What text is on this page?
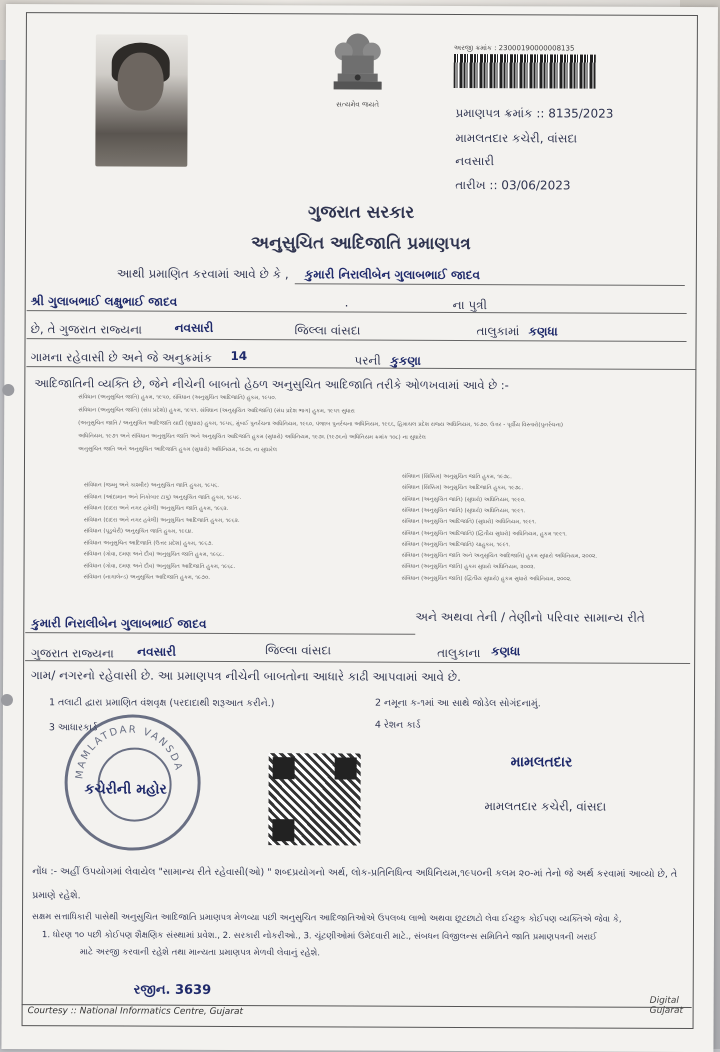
સત્યમેવ જયતે
અરજી ક્રમાંક : 23000190000008135
પ્રમાણપત્ર ક્રમાંક :: 8135/2023
મામલતદાર કચેરી, વાંસદા
નવસારી
તારીખ :: 03/06/2023
ગુજરાત સરકાર
અનુસુચિત આદિજાતિ પ્રમાણપત્ર
આથી પ્રમાણિત કરવામાં આવે છે કે , કુમારી નિરાલીબેન ગુલાબભાઈ જાદવ
શ્રી ગુલાબભાઈ લક્ષુભાઈ જાદવ	.	ના પુત્રી
છે, તે ગુજરાત રાજ્યના	નવસારી	જિલ્લા વાંસદા	તાલુકામાં કણધા
ગામના રહેવાસી છે અને જે અનુક્રમાંક 14	પરની કુકણા
આદિજાતિની વ્યક્તિ છે, જેને નીચેની બાબતો હેઠળ અનુસુચિત આદિજાતિ તરીકે ઓળખવામાં આવે છે :-
સંવિધાન (અનુસુચિત જાતિ) હુકમ, ૧૯૫૦, સંવિધાન (અનુસુચિત આદિજાતિ) હુકમ, ૧૯૫૦.
સંવિધાન (અનુસુચિત જાતિ) (સંઘ પ્રદેશો) હુકમ, ૧૯૫૧. સંવિધાન (અનુસુચિત આદિજાતિ) (સંઘ પ્રદેશ ભાગ) હુકમ, ૧૯૫૧ સુધારા
(અનુસુચિત જાતિ / અનુસુચિત આદિજાતિ યાદી (સુધારા) હુકમ, ૧૯૫૬, મુંબઈ પુનર્રચના અધિનિયમ, ૧૯૬૦, પંજાબ પુનર્રચના અધિનિયમ, ૧૯૬૬, હિમાચલ પ્રદેશ રાજ્ય અધિનિયમ, ૧૯૭૦. ઉત્તર - પૂર્વીય વિસ્તારો(પુનર્રચના)
અધિનિયમ, ૧૯૭૧ અને સંવિધાન અનુસુચિત જાતિ અને અનુસુચિત આદિજાતિ હુકમ (સુધારો) અધિનિયમ, ૧૯૭૬ (૧૯૭૬નો અધિનિયમ ક્રમાંક ૧૦૮) ના સુધારેલ
અનુસુચિત જાતિ અને અનુસુચિત આદિજાતિ હુકમ (સુધારો) અધિનિયમ, ૧૯૭૬ ના સુધારેલ
સંવિધાન (જમ્મુ અને કાશ્મીર) અનુસુચિત જાતિ હુકમ, ૧૯૫૬.
સંવિધાન (આંદામાન અને નિકોબાર ટાપુ) અનુસુચિત જાતિ હુકમ, ૧૯૫૯.
સંવિધાન (દાદરા અને નગર હવેલી) અનુસુચિત જાતિ હુકમ, ૧૯૬૨.
સંવિધાન (દાદરા અને નગર હવેલી) અનુસુચિત આદિજાતિ હુકમ, ૧૯૬૨.
સંવિધાન (પૂડુચેરી) અનુસુચિત જાતિ હુકમ, ૧૯૬૪.
સંવિધાન અનુસુચિત આદિજાતિ (ઉત્તર પ્રદેશ) હુકમ, ૧૯૬૭.
સંવિધાન (ગોવા, દમણ અને દીવ) અનુસુચિત જાતિ હુકમ, ૧૯૬૮.
સંવિધાન (ગોવા, દમણ અને દીવ) અનુસુચિત આદિજાતિ હુકમ, ૧૯૬૮.
સંવિધાન (નાગાલેન્ડ) અનુસુચિત આદિજાતિ હુકમ, ૧૯૭૦.
સંવિધાન (સિક્કિમ) અનુસુચિત જાતિ હુકમ, ૧૯૭૮.
સંવિધાન (સિક્કિમ) અનુસુચિત આદિજાતિ હુકમ, ૧૯૭૮.
સંવિધાન (અનુસુચિત જાતિ) (સુધારો) અધિનિયમ, ૧૯૯૦.
સંવિધાન (અનુસુચિત જાતિ) (સુધારો) અધિનિયમ, ૧૯૯૧.
સંવિધાન (અનુસુચિત આદિજાતિ) (સુધારો) અધિનિયમ, ૧૯૯૧.
સંવિધાન (અનુસુચિત આદિજાતિ) (દ્વિતીય સુધારો) અધિનિયમ, હુકમ ૧૯૯૧.
સંવિધાન (અનુસુચિત આદિજાતિ) ચાહુકમ, ૧૯૯૧.
સંવિધાન (અનુસુચિત જાતિ અને અનુસુચિત આદિજાતિ) હુકમ સુધારો અધિનિયમ, ૨૦૦૨.
સંવિધાન (અનુસુચિત જાતિ) હુકમ સુધારો અધિનિયમ, ૨૦૦૨.
સંવિધાન (અનુસુચિત જાતિ) (દ્વિતીય સુધારો) હુકમ સુધારો અધિનિયમ, ૨૦૦૨.
કુમારી નિરાલીબેન ગુલાબભાઈ જાદવ	અને અથવા તેની / તેણીનો પરિવાર સામાન્ય રીતે
ગુજરાત રાજ્યના નવસારી	જિલ્લા વાંસદા	તાલુકાના કણધા
ગામ/ નગરનો રહેવાસી છે. આ પ્રમાણપત્ર નીચેની બાબતોના આધારે કાઢી આપવામાં આવે છે.
1 તલાટી દ્વારા પ્રમાણિત વંશવૃક્ષ (પરદાદાથી શરૂઆત કરીને.)	2 નમૂના ક-૧માં આ સાથે જોડેલ સોગંદનામું.
3 આધારકાર્ડ	4 રેશન કાર્ડ
MAMLATDAR VANSDA
કચેરીની મહોર
મામલતદાર
મામલતદાર કચેરી, વાંસદા
નોંધ :- અહીં ઉપયોગમાં લેવાયેલ "સામાન્ય રીતે રહેવાસી(ઓ) " શબ્દપ્રયોગનો અર્થ, લોક-પ્રતિનિધિત્વ અધિનિયમ,૧૯૫૦ની કલમ ૨૦-માં તેનો જે અર્થ કરવામાં આવ્યો છે, તે
પ્રમાણે રહેશે.
સક્ષમ સત્તાધિકારી પાસેથી અનુસુચિત આદિજાતિ પ્રમાણપત્ર મેળવ્યા પછી અનુસુચિત આદિજાતિઓએ ઉપલબ્ધ લાભો અથવા છૂટછાટો લેવા ઈચ્છુક કોઈપણ વ્યક્તિએ જેવા કે,
1. ધોરણ ૧૦ પછી કોઈપણ શૈક્ષણિક સંસ્થામાં પ્રવેશ., 2. સરકારી નોકરીઓ., 3. ચૂંટણીઓમાં ઉમેદવારી માટે., સંબધન વિજીલન્સ સમિતિને જાતિ પ્રમાણપત્રની ખરાઈ
માટે અરજી કરવાની રહેશે તથા માન્યતા પ્રમાણપત્ર મેળવી લેવાનું રહેશે.
રજીન. 3639
Courtesy :: National Informatics Centre, Gujarat
Digital Gujarat
